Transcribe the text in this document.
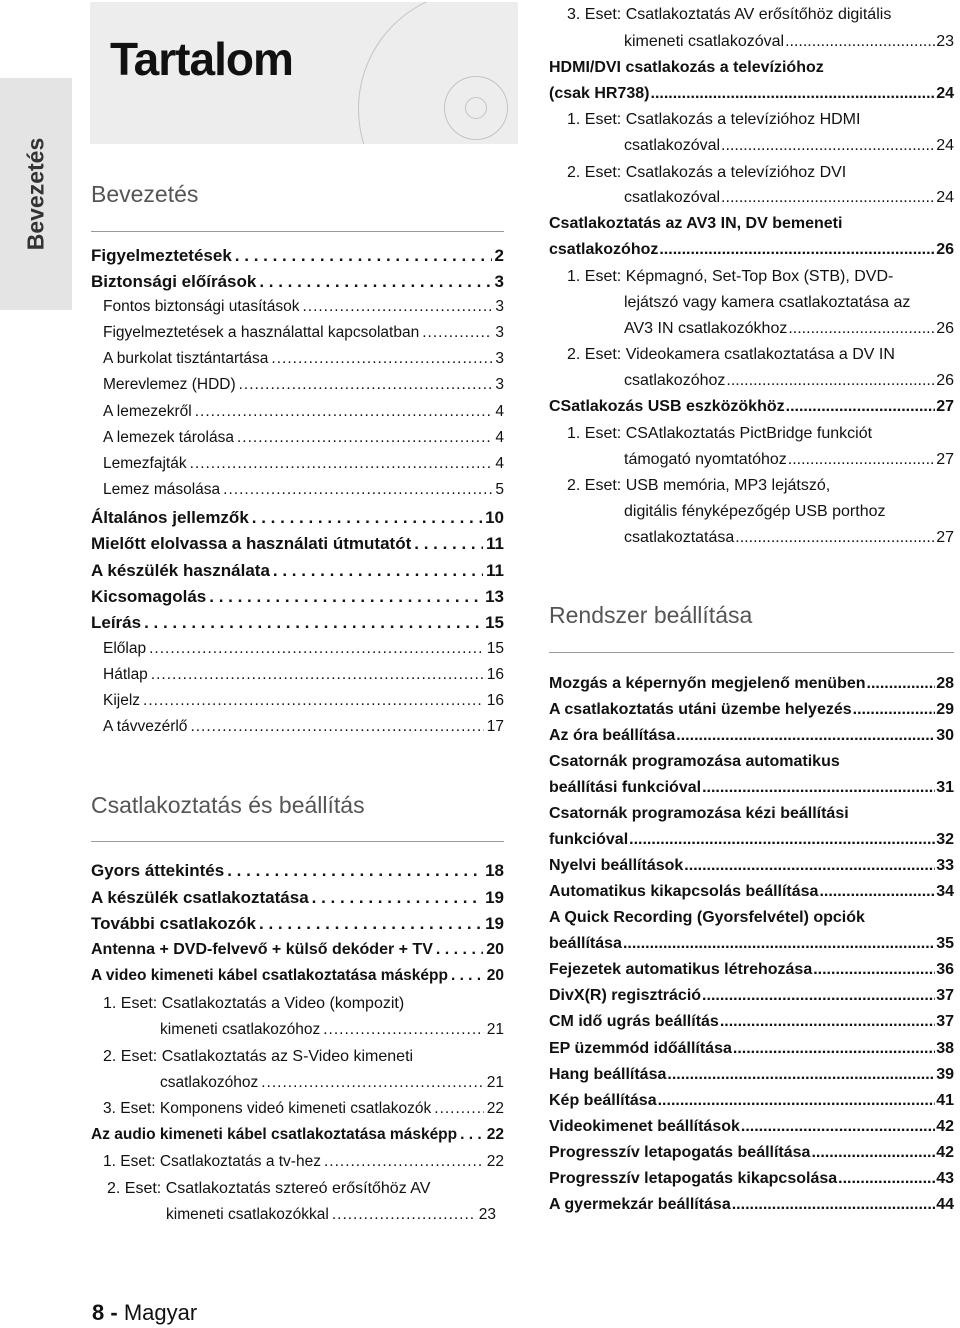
Bevezetés
Tartalom
Bevezetés
Figyelmeztetések . . .	2
Biztonsági előírások . . .	3
Fontos biztonsági utasítások .....	3
Figyelmeztetések a használattal kapcsolatban .....	3
A burkolat tisztántartása .....	3
Merevlemez (HDD) .....	3
A lemezekről .....	4
A lemezek tárolása .....	4
Lemezfajták .....	4
Lemez másolása .....	5
Általános jellemzők . . .	10
Mielőtt elolvassa a használati útmutatót . . .	11
A készülék használata . . .	11
Kicsomagolás . . .	13
Leírás . . .	15
Előlap .....	15
Hátlap .....	16
Kijelz .....	16
A távvezérlő .....	17
Csatlakoztatás és beállítás
Gyors áttekintés . . .	18
A készülék csatlakoztatása . . .	19
További csatlakozók . . .	19
Antenna + DVD-felvevő + külső dekóder + TV . . .	20
A video kimeneti kábel csatlakoztatása másképp . . .	20
1. Eset: Csatlakoztatás a Video (kompozit)
kimeneti csatlakozóhoz .....	21
2. Eset: Csatlakoztatás az S-Video kimeneti
csatlakozóhoz .....	21
3. Eset: Komponens videó kimeneti csatlakozók .....	22
Az audio kimeneti kábel csatlakoztatása másképp . . . 22
1. Eset: Csatlakoztatás a tv-hez .....	22
2. Eset: Csatlakoztatás sztereó erősítőhöz AV
kimeneti csatlakozókkal .....	23
3. Eset: Csatlakoztatás AV erősítőhöz digitális
kimeneti csatlakozóval .....	23
HDMI/DVI csatlakozás a televízióhoz
(csak HR738) .....	24
1. Eset: Csatlakozás a televízióhoz HDMI
csatlakozóval .....	24
2. Eset: Csatlakozás a televízióhoz DVI
csatlakozóval .....	24
Csatlakoztatás az AV3 IN, DV bemeneti
csatlakozóhoz .....	26
1. Eset: Képmagnó, Set-Top Box (STB), DVD-
lejátszó vagy kamera csatlakoztatása az
AV3 IN csatlakozókhoz .....	26
2. Eset: Videokamera csatlakoztatása a DV IN
csatlakozóhoz .....	26
CSatlakozás USB eszközökhöz .....	27
1. Eset: CSAtlakoztatás PictBridge funkciót
támogató nyomtatóhoz .....	27
2. Eset: USB memória, MP3 lejátszó,
digitális fényképezőgép USB porthoz
csatlakoztatása .....	27
Rendszer beállítása
Mozgás a képernyőn megjelenő menüben .....	28
A csatlakoztatás utáni üzembe helyezés .....	29
Az óra beállítása .....	30
Csatornák programozása automatikus
beállítási funkcióval .....	31
Csatornák programozása kézi beállítási
funkcióval .....	32
Nyelvi beállítások .....	33
Automatikus kikapcsolás beállítása .....	34
A Quick Recording (Gyorsfelvétel) opciók
beállítása .....	35
Fejezetek automatikus létrehozása .....	36
DivX(R) regisztráció .....	37
CM idő ugrás beállítás .....	37
EP üzemmód időállítása .....	38
Hang beállítása .....	39
Kép beállítása .....	41
Videokimenet beállítások .....	42
Progresszív letapogatás beállítása .....	42
Progresszív letapogatás kikapcsolása .....	43
A gyermekzár beállítása .....	44
8 - Magyar
